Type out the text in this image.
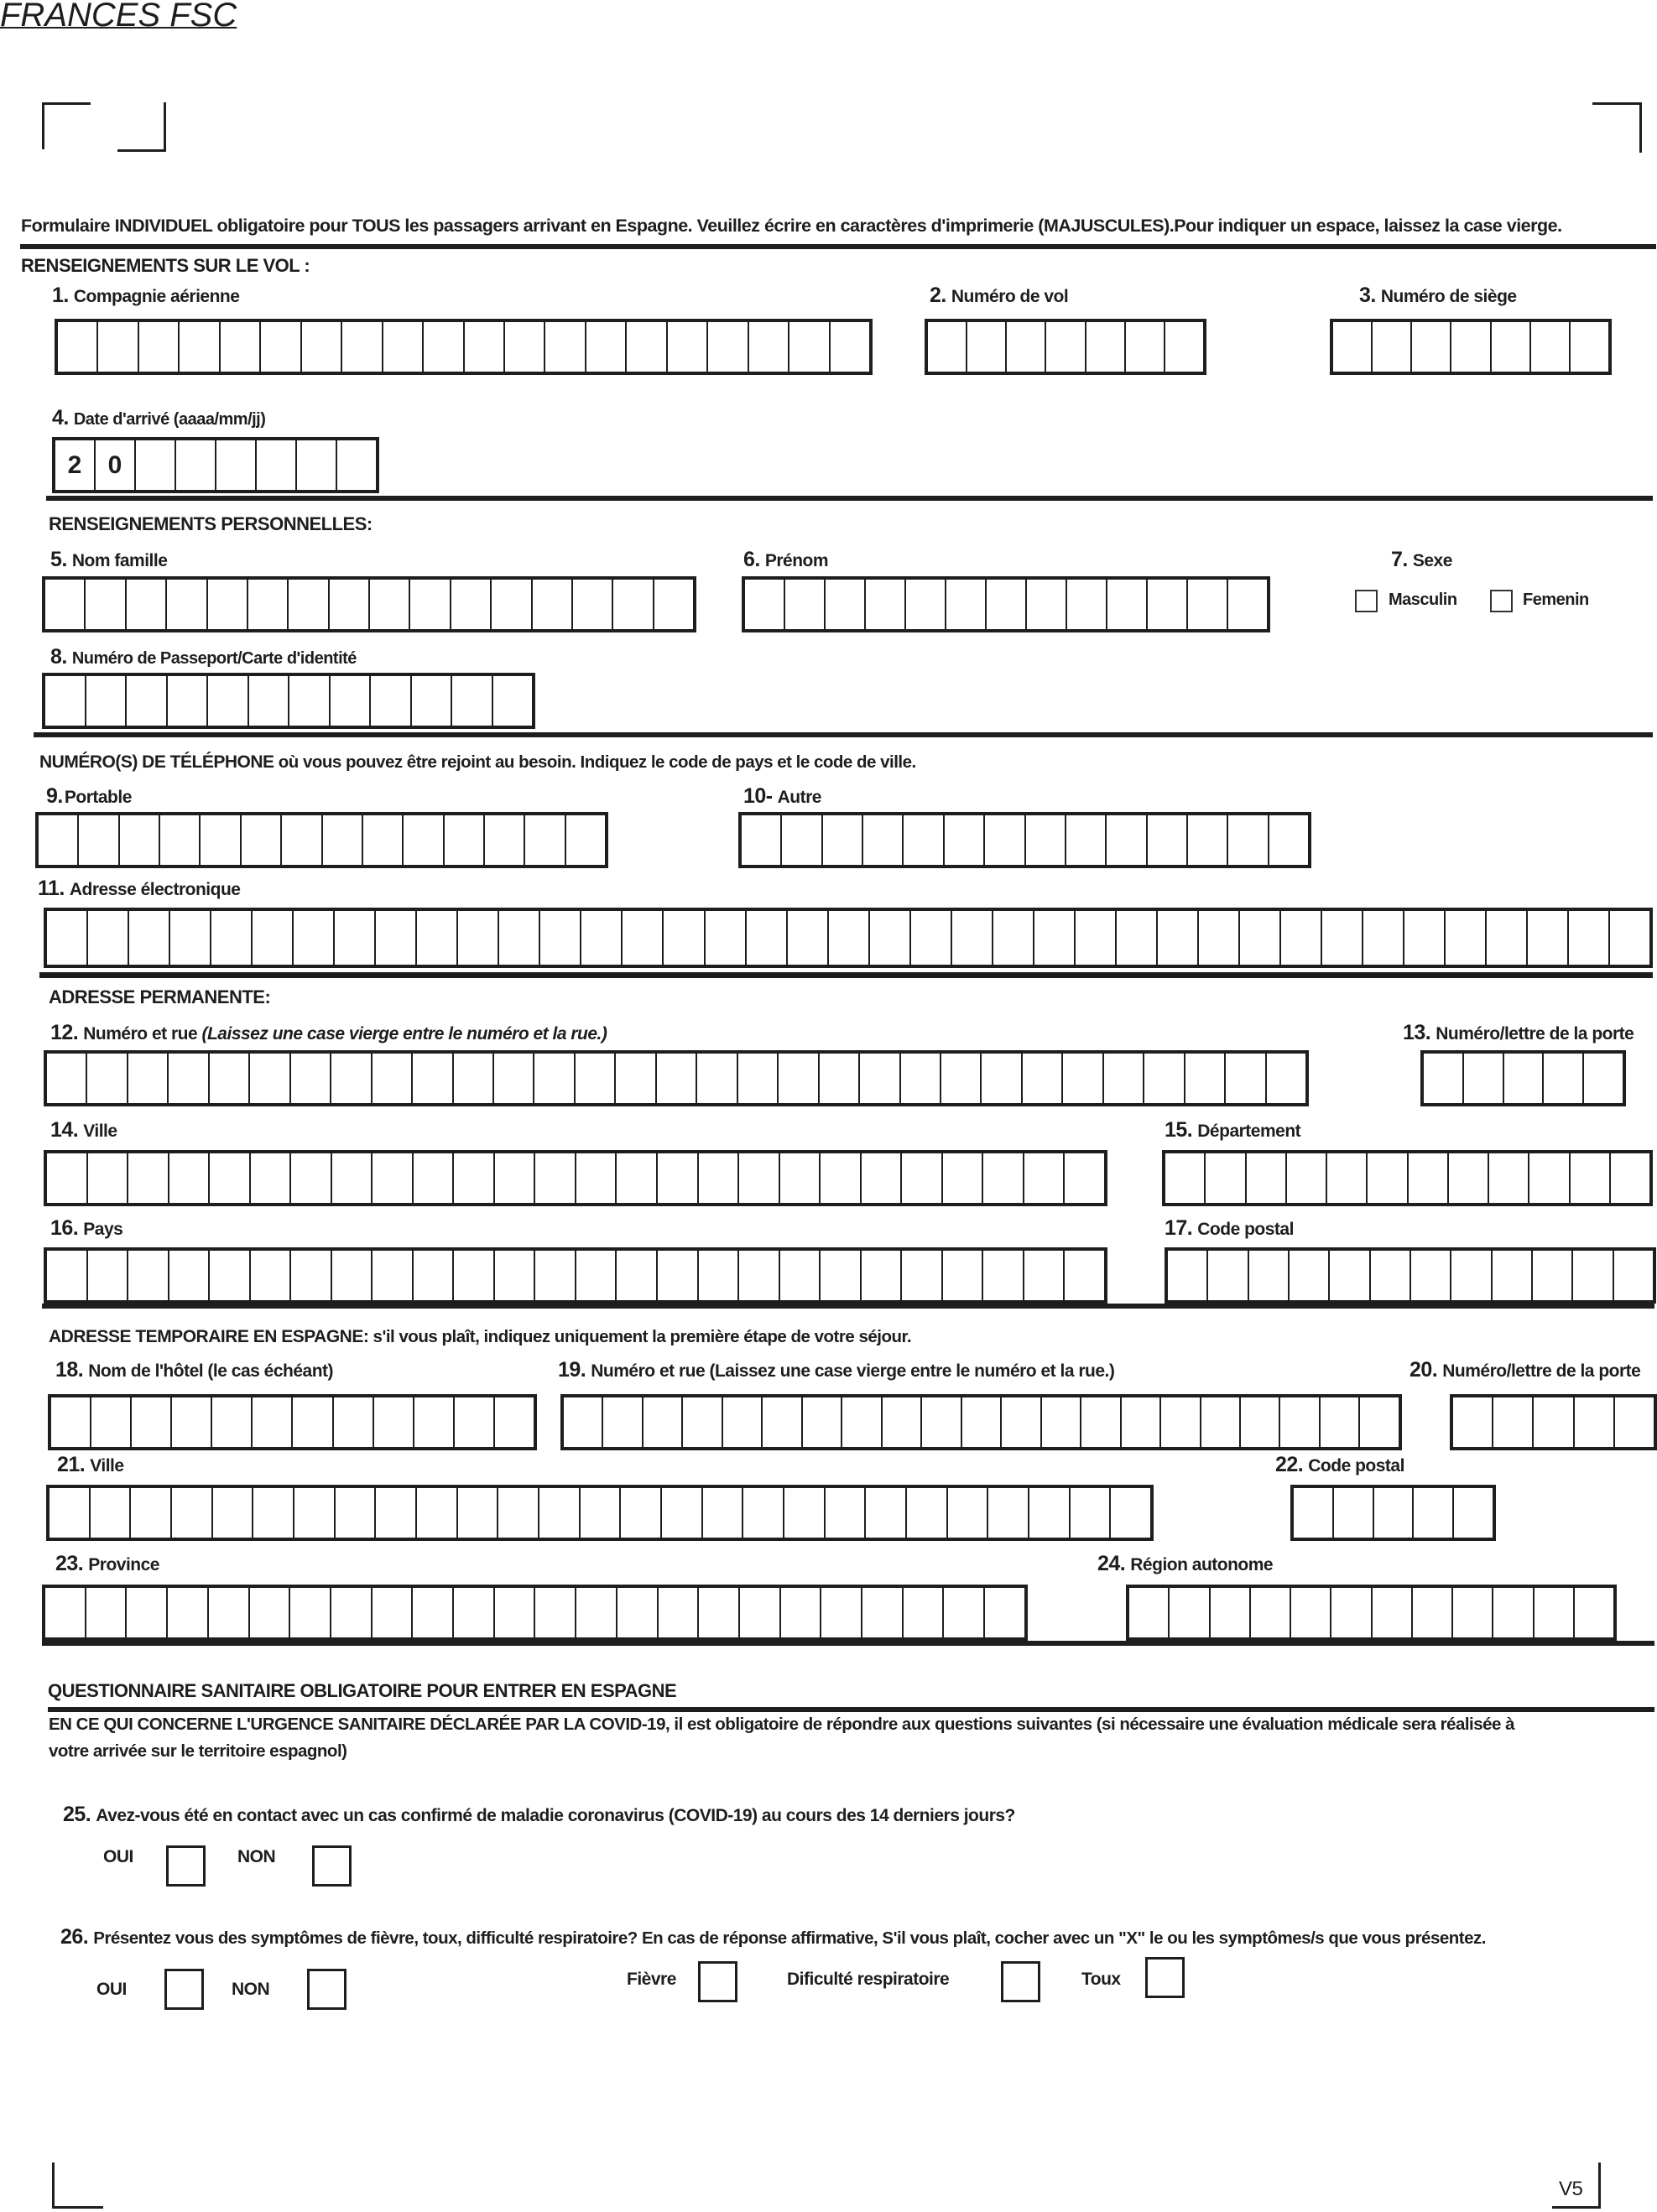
FRANCES FSC
V5
Formulaire INDIVIDUEL obligatoire pour TOUS les passagers arrivant en Espagne. Veuillez écrire en caractères d'imprimerie (MAJUSCULES).Pour indiquer un espace, laissez la case vierge.
RENSEIGNEMENTS SUR LE VOL :
1. Compagnie aérienne	2. Numéro de vol	3. Numéro de siège
4. Date d'arrivé (aaaa/mm/jj)
2	0
RENSEIGNEMENTS PERSONNELLES:
5. Nom famille	6. Prénom	7. Sexe
Masculin	Femenin
8. Numéro de Passeport/Carte d'identité
NUMÉRO(S) DE TÉLÉPHONE où vous pouvez être rejoint au besoin. Indiquez le code de pays et le code de ville.
9.Portable	10- Autre
11. Adresse électronique
ADRESSE PERMANENTE:
12. Numéro et rue (Laissez une case vierge entre le numéro et la rue.)	13. Numéro/lettre de la porte
14. Ville	15. Département
16. Pays	17. Code postal
ADRESSE TEMPORAIRE EN ESPAGNE: s'il vous plaît, indiquez uniquement la première étape de votre séjour.
18. Nom de l'hôtel (le cas échéant)	19. Numéro et rue (Laissez une case vierge entre le numéro et la rue.)	20. Numéro/lettre de la porte
21. Ville	22. Code postal
23. Province	24. Région autonome
QUESTIONNAIRE SANITAIRE OBLIGATOIRE POUR ENTRER EN ESPAGNE
EN CE QUI CONCERNE L'URGENCE SANITAIRE DÉCLARÉE PAR LA COVID-19, il est obligatoire de répondre aux questions suivantes (si nécessaire une évaluation médicale sera réalisée à
votre arrivée sur le territoire espagnol)
25. Avez-vous été en contact avec un cas confirmé de maladie coronavirus (COVID-19) au cours des 14 derniers jours?
OUI	NON
26. Présentez vous des symptômes de fièvre, toux, difficulté respiratoire? En cas de réponse affirmative, S'il vous plaît, cocher avec un "X" le ou les symptômes/s que vous présentez.
OUI	NON
Fièvre	Dificulté respiratoire	Toux
